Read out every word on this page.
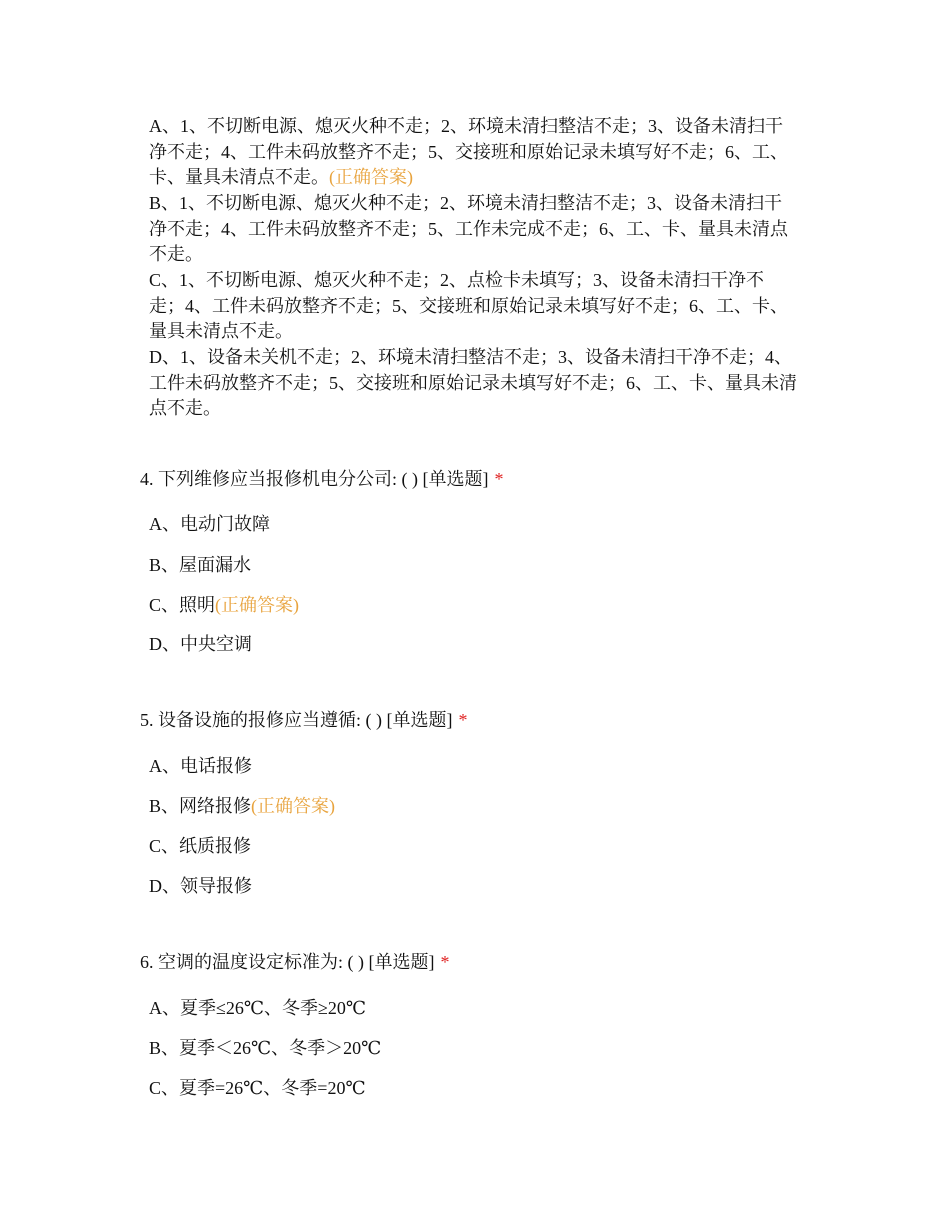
A、1、不切断电源、熄灭火种不走；2、环境未清扫整洁不走；3、设备未清扫干净不走；4、工件未码放整齐不走；5、交接班和原始记录未填写好不走；6、工、卡、量具未清点不走。(正确答案)
B、1、不切断电源、熄灭火种不走；2、环境未清扫整洁不走；3、设备未清扫干净不走；4、工件未码放整齐不走；5、工作未完成不走；6、工、卡、量具未清点不走。
C、1、不切断电源、熄灭火种不走；2、点检卡未填写；3、设备未清扫干净不走；4、工件未码放整齐不走；5、交接班和原始记录未填写好不走；6、工、卡、量具未清点不走。
D、1、设备未关机不走；2、环境未清扫整洁不走；3、设备未清扫干净不走；4、工件未码放整齐不走；5、交接班和原始记录未填写好不走；6、工、卡、量具未清点不走。
4. 下列维修应当报修机电分公司: ( ) [单选题] *
A、电动门故障
B、屋面漏水
C、照明(正确答案)
D、中央空调
5. 设备设施的报修应当遵循: ( ) [单选题] *
A、电话报修
B、网络报修(正确答案)
C、纸质报修
D、领导报修
6. 空调的温度设定标准为: ( ) [单选题] *
A、夏季≤26℃、冬季≥20℃
B、夏季＜26℃、冬季＞20℃
C、夏季=26℃、冬季=20℃
